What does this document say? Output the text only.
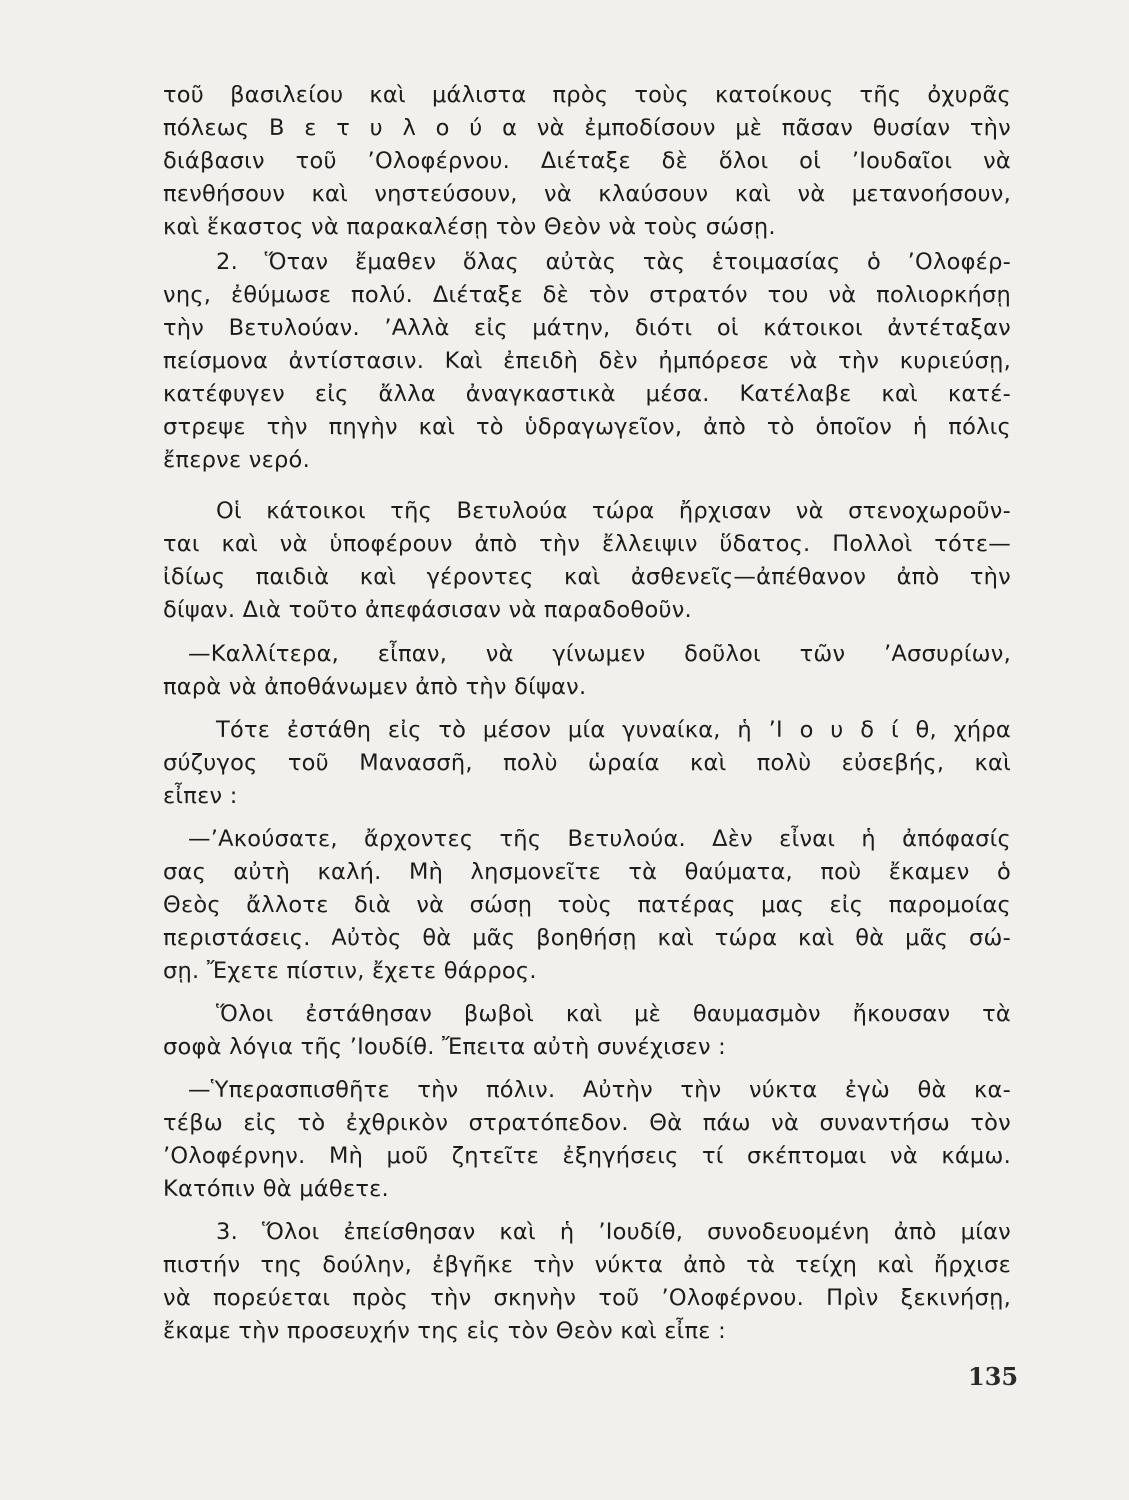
τοῦ βασιλείου καὶ μάλιστα πρὸς τοὺς κατοίκους τῆς ὀχυρᾶς
πόλεως Β ε τ υ λ ο ύ α νὰ ἐμποδίσουν μὲ πᾶσαν θυσίαν τὴν
διάβασιν τοῦ ’Ολοφέρνου. Διέταξε δὲ ὅλοι οἱ ’Ιουδαῖοι νὰ
πενθήσουν καὶ νηστεύσουν, νὰ κλαύσουν καὶ νὰ μετανοήσουν,
καὶ ἕκαστος νὰ παρακαλέσῃ τὸν Θεὸν νὰ τοὺς σώσῃ.
2. Ὅταν ἔμαθεν ὅλας αὐτὰς τὰς ἑτοιμασίας ὁ ’Ολοφέρ-
νης, ἐθύμωσε πολύ. Διέταξε δὲ τὸν στρατόν του νὰ πολιορκήσῃ
τὴν Βετυλούαν. ’Αλλὰ εἰς μάτην, διότι οἱ κάτοικοι ἀντέταξαν
πείσμονα ἀντίστασιν. Καὶ ἐπειδὴ δὲν ἠμπόρεσε νὰ τὴν κυριεύσῃ,
κατέφυγεν εἰς ἄλλα ἀναγκαστικὰ μέσα. Κατέλαβε καὶ κατέ-
στρεψε τὴν πηγὴν καὶ τὸ ὑδραγωγεῖον, ἀπὸ τὸ ὁποῖον ἡ πόλις
ἔπερνε νερό.
Οἱ κάτοικοι τῆς Βετυλούα τώρα ἤρχισαν νὰ στενοχωροῦν-
ται καὶ νὰ ὑποφέρουν ἀπὸ τὴν ἔλλειψιν ὕδατος. Πολλοὶ τότε—
ἰδίως παιδιὰ καὶ γέροντες καὶ ἀσθενεῖς—ἀπέθανον ἀπὸ τὴν
δίψαν. Διὰ τοῦτο ἀπεφάσισαν νὰ παραδοθοῦν.
—Καλλίτερα, εἶπαν, νὰ γίνωμεν δοῦλοι τῶν ’Ασσυρίων,
παρὰ νὰ ἀποθάνωμεν ἀπὸ τὴν δίψαν.
Τότε ἐστάθη εἰς τὸ μέσον μία γυναίκα, ἡ ’Ι ο υ δ ί θ, χήρα
σύζυγος τοῦ Μανασσῆ, πολὺ ὡραία καὶ πολὺ εὐσεβής, καὶ
εἶπεν :
—’Ακούσατε, ἄρχοντες τῆς Βετυλούα. Δὲν εἶναι ἡ ἀπόφασίς
σας αὐτὴ καλή. Μὴ λησμονεῖτε τὰ θαύματα, ποὺ ἔκαμεν ὁ
Θεὸς ἄλλοτε διὰ νὰ σώσῃ τοὺς πατέρας μας εἰς παρομοίας
περιστάσεις. Αὐτὸς θὰ μᾶς βοηθήσῃ καὶ τώρα καὶ θὰ μᾶς σώ-
σῃ. Ἔχετε πίστιν, ἔχετε θάρρος.
Ὅλοι ἐστάθησαν βωβοὶ καὶ μὲ θαυμασμὸν ἤκουσαν τὰ
σοφὰ λόγια τῆς ’Ιουδίθ. Ἔπειτα αὐτὴ συνέχισεν :
—Ὑπερασπισθῆτε τὴν πόλιν. Αὐτὴν τὴν νύκτα ἐγὼ θὰ κα-
τέβω εἰς τὸ ἐχθρικὸν στρατόπεδον. Θὰ πάω νὰ συναντήσω τὸν
’Ολοφέρνην. Μὴ μοῦ ζητεῖτε ἐξηγήσεις τί σκέπτομαι νὰ κάμω.
Κατόπιν θὰ μάθετε.
3. Ὅλοι ἐπείσθησαν καὶ ἡ ’Ιουδίθ, συνοδευομένη ἀπὸ μίαν
πιστήν της δούλην, ἐβγῆκε τὴν νύκτα ἀπὸ τὰ τείχη καὶ ἤρχισε
νὰ πορεύεται πρὸς τὴν σκηνὴν τοῦ ’Ολοφέρνου. Πρὶν ξεκινήσῃ,
ἔκαμε τὴν προσευχήν της εἰς τὸν Θεὸν καὶ εἶπε :
135
